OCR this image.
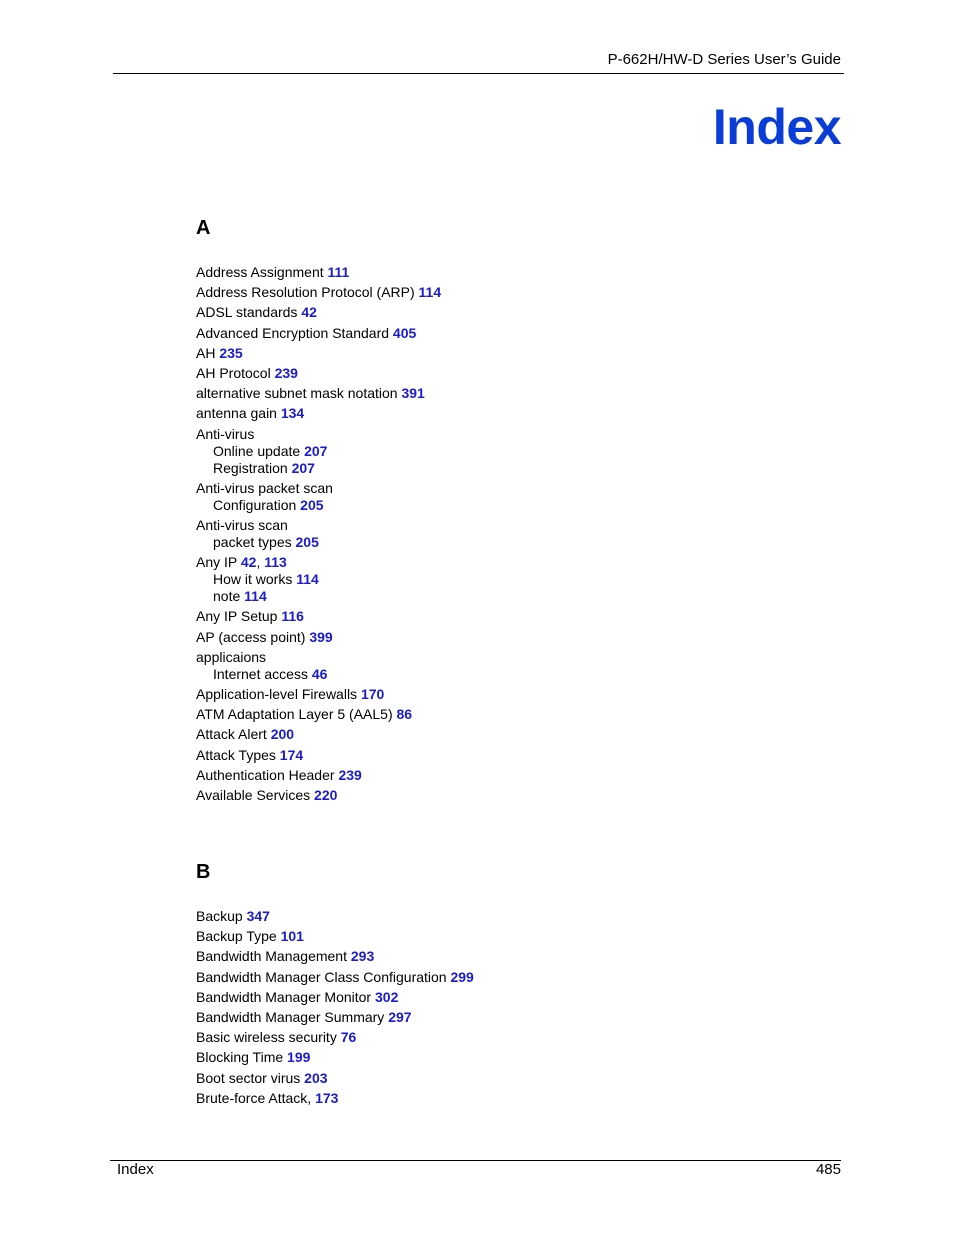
P-662H/HW-D Series User’s Guide
Index
A
Address Assignment 111
Address Resolution Protocol (ARP) 114
ADSL standards 42
Advanced Encryption Standard 405
AH 235
AH Protocol 239
alternative subnet mask notation 391
antenna gain 134
Anti-virus
Online update 207
Registration 207
Anti-virus packet scan
Configuration 205
Anti-virus scan
packet types 205
Any IP 42, 113
How it works 114
note 114
Any IP Setup 116
AP (access point) 399
applicaions
Internet access 46
Application-level Firewalls 170
ATM Adaptation Layer 5 (AAL5) 86
Attack Alert 200
Attack Types 174
Authentication Header 239
Available Services 220
B
Backup 347
Backup Type 101
Bandwidth Management 293
Bandwidth Manager Class Configuration 299
Bandwidth Manager Monitor 302
Bandwidth Manager Summary 297
Basic wireless security 76
Blocking Time 199
Boot sector virus 203
Brute-force Attack, 173
Index	485
